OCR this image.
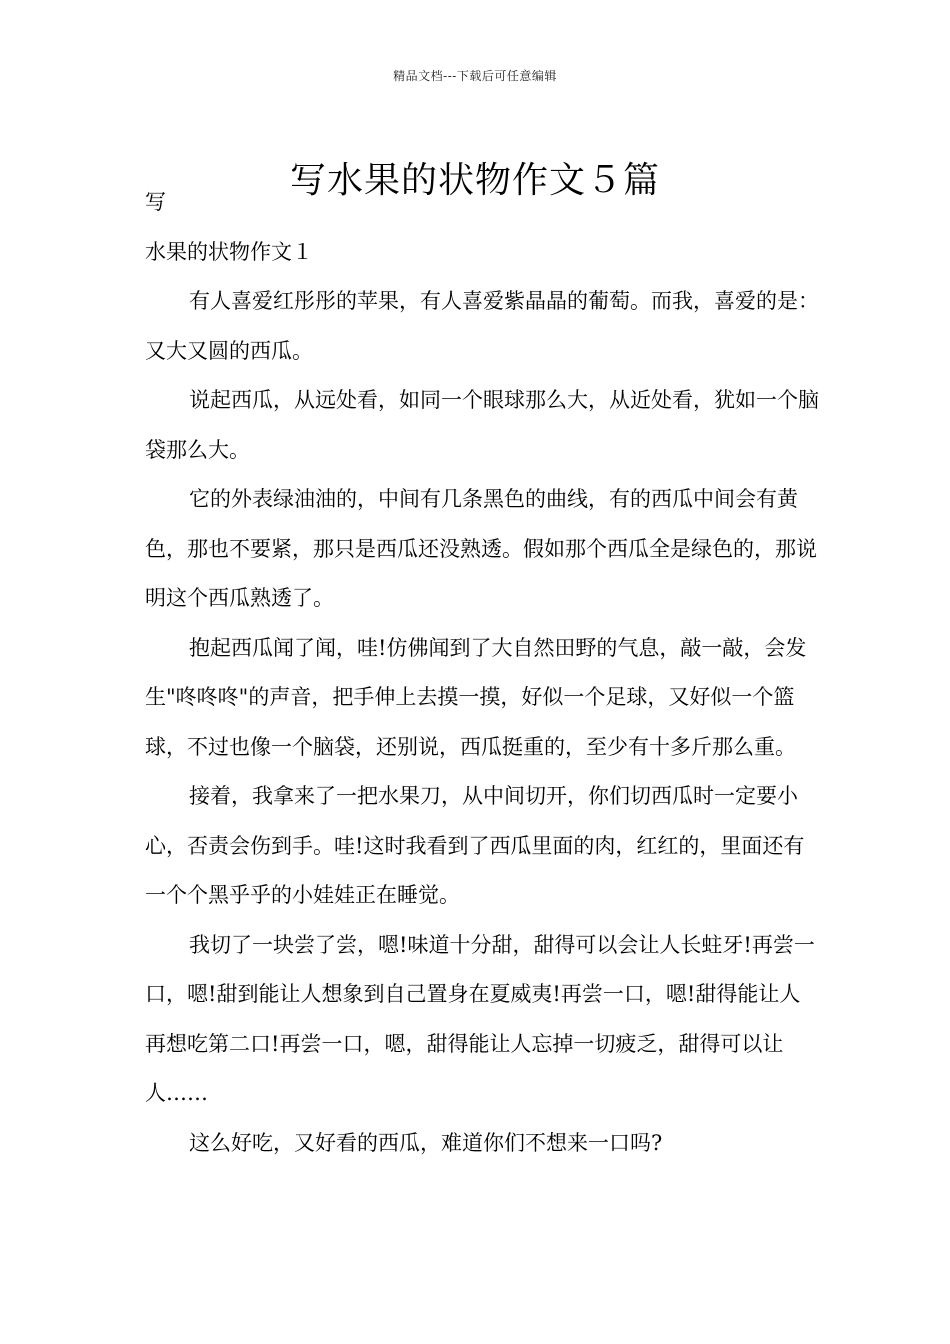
精品文档---下载后可任意编辑
写水果的状物作文５篇

写

水果的状物作文１

有人喜爱红彤彤的苹果，有人喜爱紫晶晶的葡萄。而我，喜爱的是：又大又圆的西瓜。

说起西瓜，从远处看，如同一个眼球那么大，从近处看，犹如一个脑袋那么大。

它的外表绿油油的，中间有几条黑色的曲线，有的西瓜中间会有黄色，那也不要紧，那只是西瓜还没熟透。假如那个西瓜全是绿色的，那说明这个西瓜熟透了。

抱起西瓜闻了闻，哇!仿佛闻到了大自然田野的气息，敲一敲，会发生"咚咚咚"的声音，把手伸上去摸一摸，好似一个足球，又好似一个篮球，不过也像一个脑袋，还别说，西瓜挺重的，至少有十多斤那么重。

接着，我拿来了一把水果刀，从中间切开，你们切西瓜时一定要小心，否责会伤到手。哇!这时我看到了西瓜里面的肉，红红的，里面还有一个个黑乎乎的小娃娃正在睡觉。

我切了一块尝了尝，嗯!味道十分甜，甜得可以会让人长蛀牙!再尝一口，嗯!甜到能让人想象到自己置身在夏威夷!再尝一口，嗯!甜得能让人再想吃第二口!再尝一口，嗯，甜得能让人忘掉一切疲乏，甜得可以让人……

这么好吃，又好看的西瓜，难道你们不想来一口吗?
